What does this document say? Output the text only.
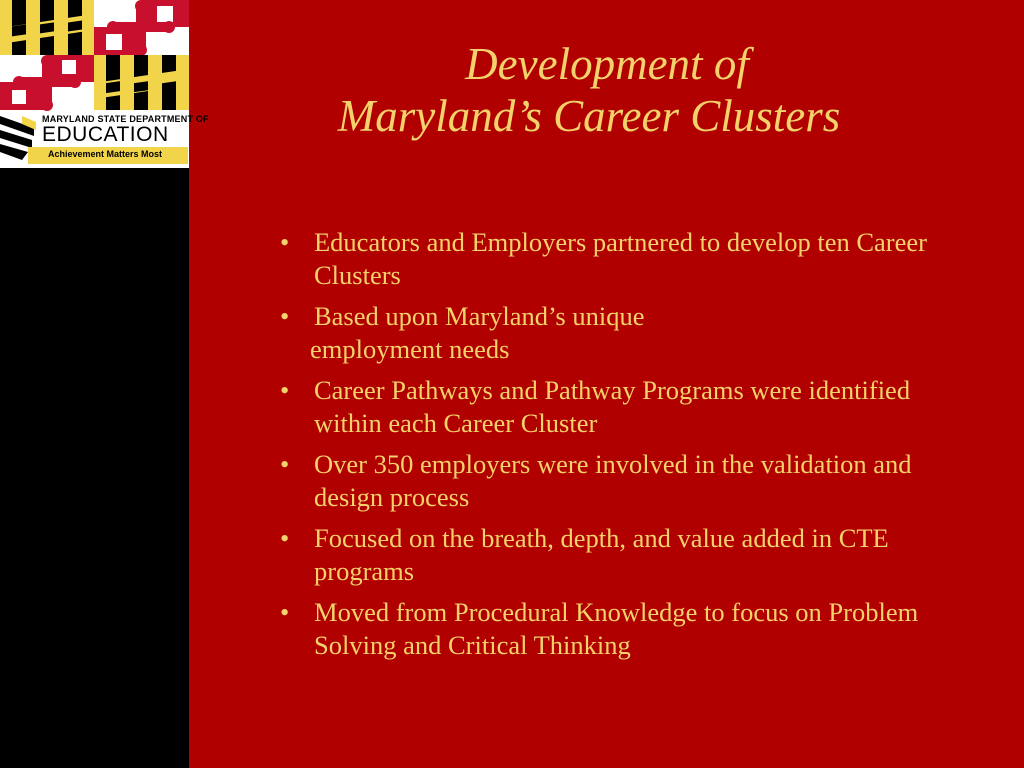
MARYLAND STATE DEPARTMENT OF
EDUCATION
Achievement Matters Most
Development of
Maryland’s Career Clusters
• Educators and Employers partnered to develop ten Career Clusters
• Based upon Maryland’s unique
employment needs
• Career Pathways and Pathway Programs were identified within each Career Cluster
• Over 350 employers were involved in the validation and design process
• Focused on the breath, depth, and value added in CTE programs
• Moved from Procedural Knowledge to focus on Problem Solving and Critical Thinking
